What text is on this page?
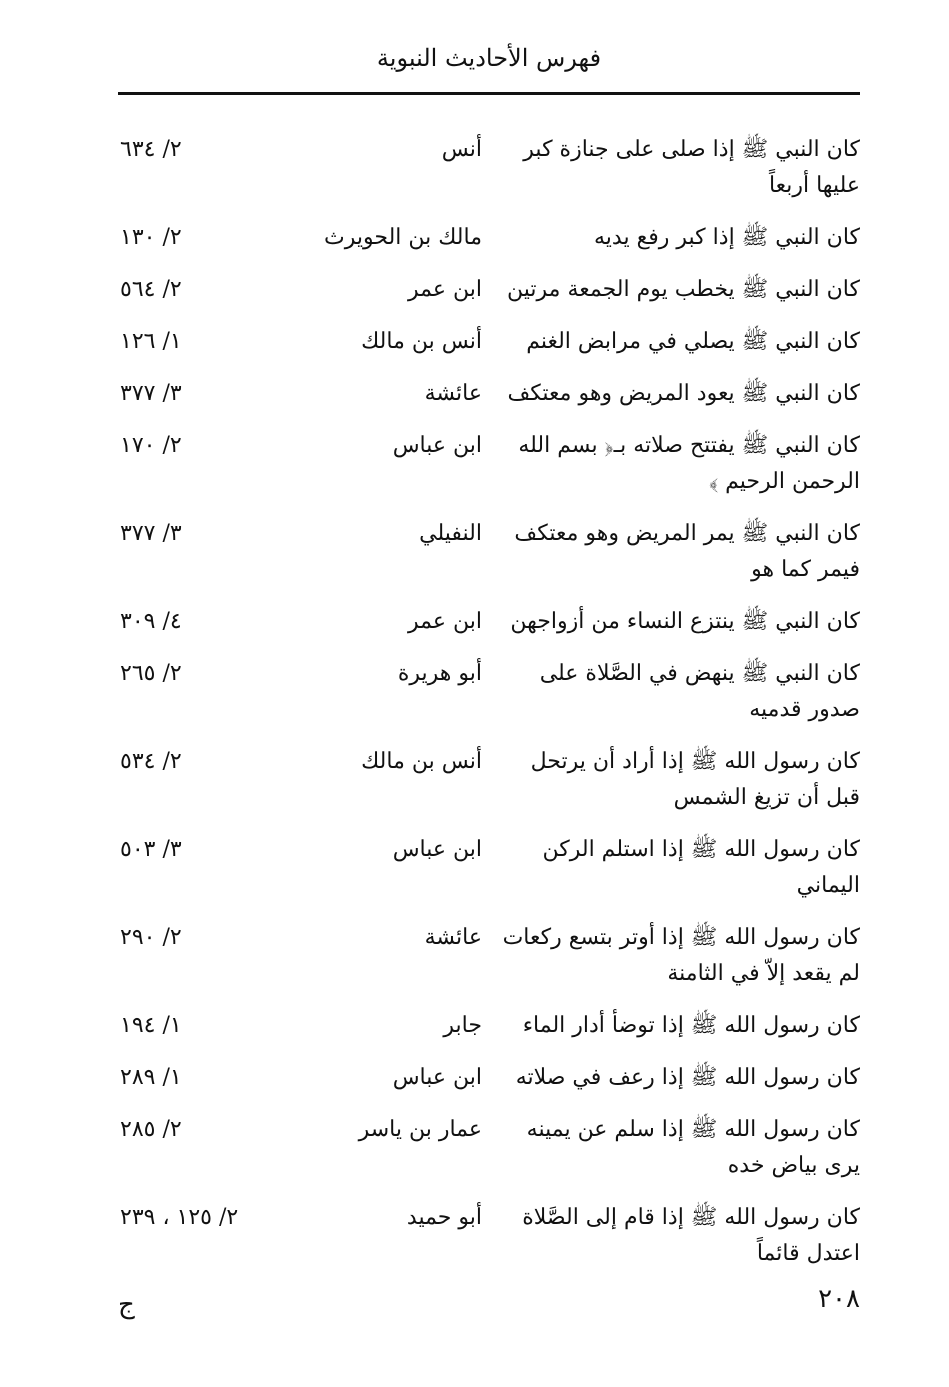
فهرس الأحاديث النبوية
كان النبي ﷺ إذا صلى على جنازة كبر عليها أربعاً
أنس
٢/ ٦٣٤
كان النبي ﷺ إذا كبر رفع يديه
مالك بن الحويرث
٢/ ١٣٠
كان النبي ﷺ يخطب يوم الجمعة مرتين
ابن عمر
٢/ ٥٦٤
كان النبي ﷺ يصلي في مرابض الغنم
أنس بن مالك
١/ ١٢٦
كان النبي ﷺ يعود المريض وهو معتكف
عائشة
٣/ ٣٧٧
كان النبي ﷺ يفتتح صلاته بـ﴿ بسم الله الرحمن الرحيم ﴾
ابن عباس
٢/ ١٧٠
كان النبي ﷺ يمر المريض وهو معتكف فيمر كما هو
النفيلي
٣/ ٣٧٧
كان النبي ﷺ ينتزع النساء من أزواجهن
ابن عمر
٤/ ٣٠٩
كان النبي ﷺ ينهض في الصَّلاة على صدور قدميه
أبو هريرة
٢/ ٢٦٥
كان رسول الله ﷺ إذا أراد أن يرتحل قبل أن تزيغ الشمس
أنس بن مالك
٢/ ٥٣٤
كان رسول الله ﷺ إذا استلم الركن اليماني
ابن عباس
٣/ ٥٠٣
كان رسول الله ﷺ إذا أوتر بتسع ركعات لم يقعد إلاّ في الثامنة
عائشة
٢/ ٢٩٠
كان رسول الله ﷺ إذا توضأ أدار الماء
جابر
١/ ١٩٤
كان رسول الله ﷺ إذا رعف في صلاته
ابن عباس
١/ ٢٨٩
كان رسول الله ﷺ إذا سلم عن يمينه يرى بياض خده
عمار بن ياسر
٢/ ٢٨٥
كان رسول الله ﷺ إذا قام إلى الصَّلاة اعتدل قائماً
أبو حميد
٢/ ١٢٥ ، ٢٣٩
٢٠٨
ج
